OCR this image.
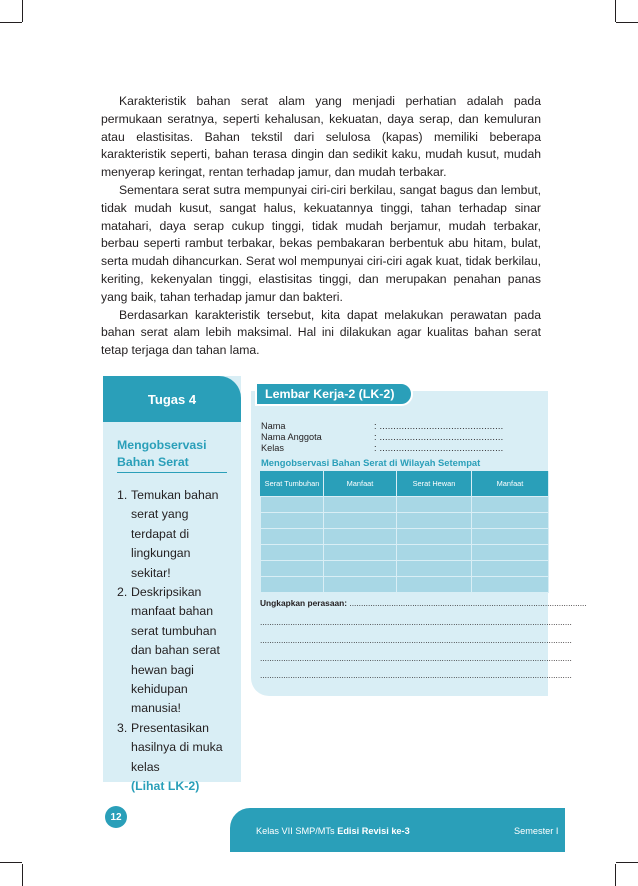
Karakteristik bahan serat alam yang menjadi perhatian adalah pada permukaan seratnya, seperti kehalusan, kekuatan, daya serap, dan kemuluran atau elastisitas. Bahan tekstil dari selulosa (kapas) memiliki beberapa karakteristik seperti, bahan terasa dingin dan sedikit kaku, mudah kusut, mudah menyerap keringat, rentan terhadap jamur, dan mudah terbakar.

Sementara serat sutra mempunyai ciri-ciri berkilau, sangat bagus dan lembut, tidak mudah kusut, sangat halus, kekuatannya tinggi, tahan terhadap sinar matahari, daya serap cukup tinggi, tidak mudah berjamur, mudah terbakar, berbau seperti rambut terbakar, bekas pembakaran berbentuk abu hitam, bulat, serta mudah dihancurkan. Serat wol mempunyai ciri-ciri agak kuat, tidak berkilau, keriting, kekenyalan tinggi, elastisitas tinggi, dan merupakan penahan panas yang baik, tahan terhadap jamur dan bakteri.

Berdasarkan karakteristik tersebut, kita dapat melakukan perawatan pada bahan serat alam lebih maksimal. Hal ini dilakukan agar kualitas bahan serat tetap terjaga dan tahan lama.

Tugas 4
Mengobservasi
Bahan Serat
1. Temukan bahan serat yang terdapat di lingkungan sekitar!
2. Deskripsikan manfaat bahan serat tumbuhan dan bahan serat hewan bagi kehidupan manusia!
3. Presentasikan hasilnya di muka kelas
(Lihat LK-2)
Lembar Kerja-2 (LK-2)
Nama	: .............................................
Nama Anggota	: .............................................
Kelas	: .............................................
Mengobservasi Bahan Serat di Wilayah Setempat
Serat Tumbuhan	Manfaat	Serat Hewan	Manfaat

Ungkapkan perasaan: ......................................................................................................
......................................................................................................................................
......................................................................................................................................
......................................................................................................................................
......................................................................................................................................
12
Kelas VII SMP/MTs Edisi Revisi ke-3	Semester I
